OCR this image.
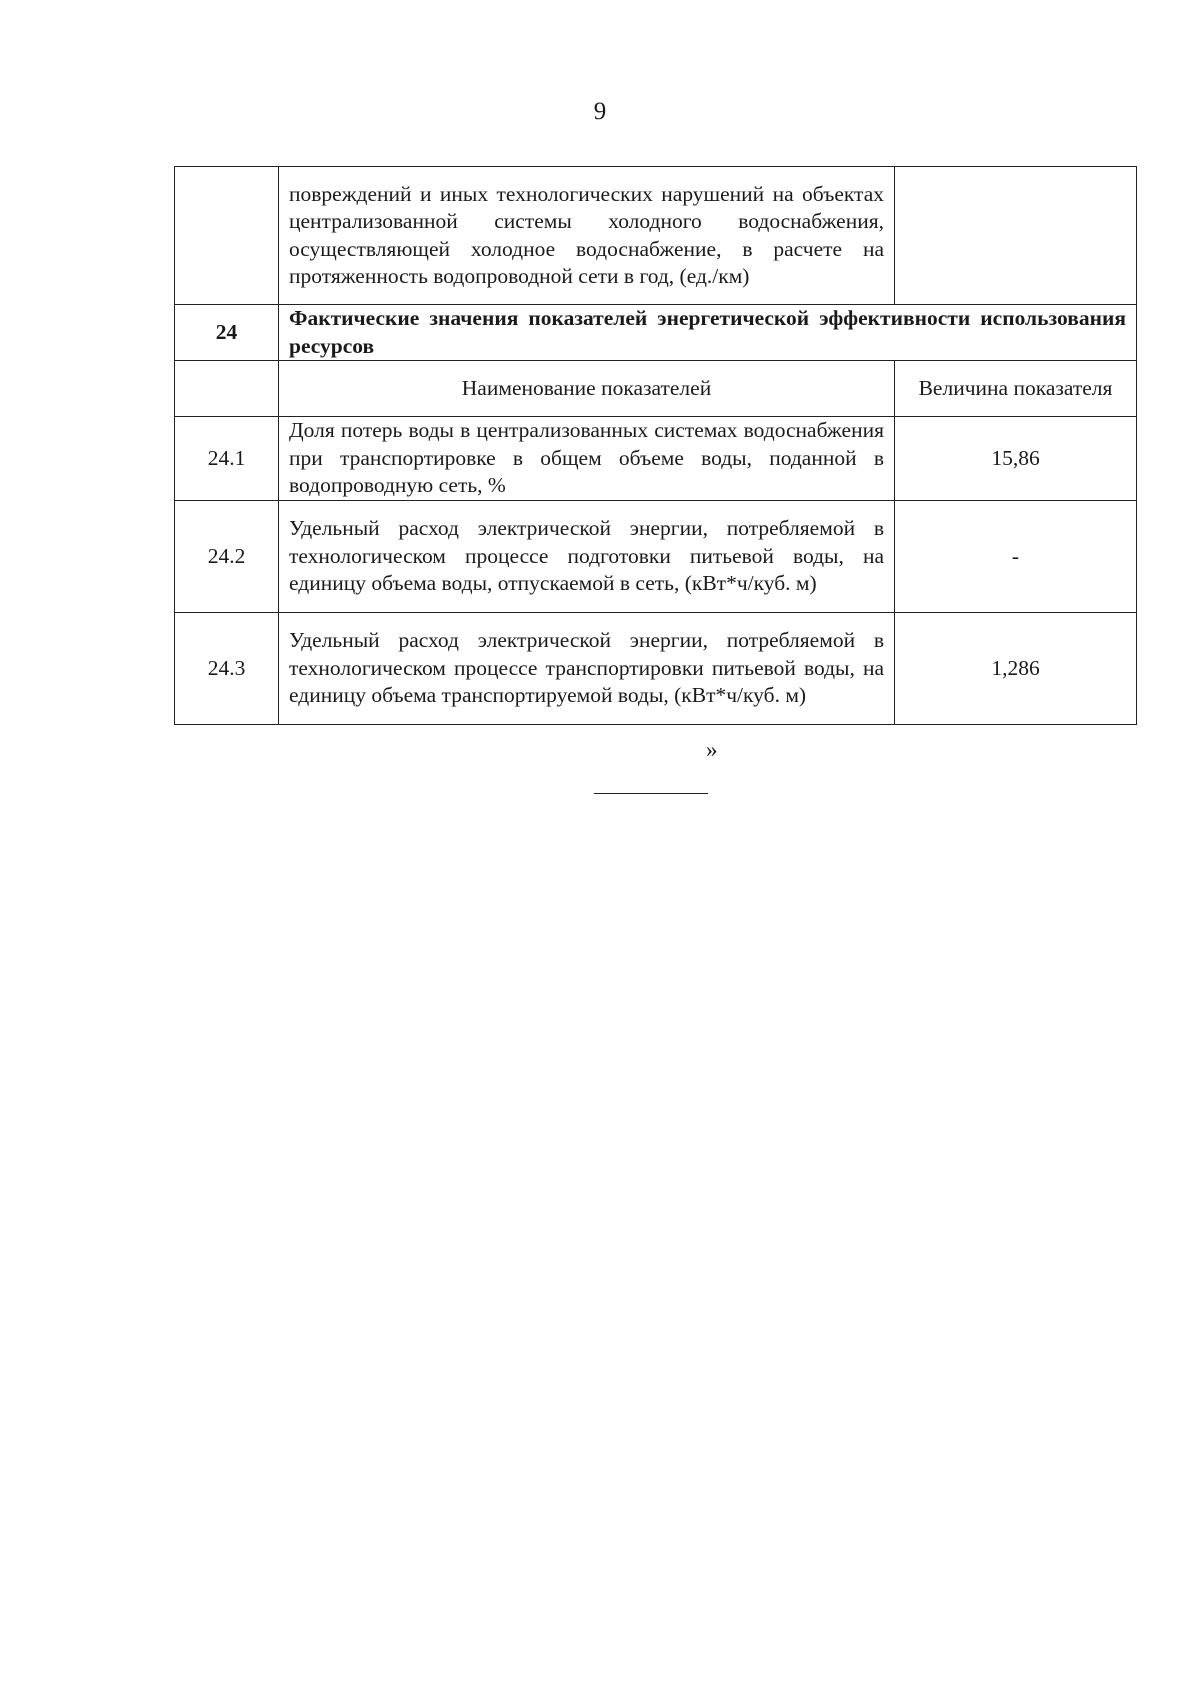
9
	повреждений и иных технологических нарушений на объектах централизованной системы холодного водоснабжения, осуществляющей холодное водоснабжение, в расчете на протяженность водопроводной сети в год, (ед./км)	
24	Фактические значения показателей энергетической эффективности использования ресурсов	
	Наименование показателей	Величина показателя
24.1	Доля потерь воды в централизованных системах водоснабжения при транспортировке в общем объеме воды, поданной в водопроводную сеть, %	15,86
24.2	Удельный расход электрической энергии, потребляемой в технологическом процессе подготовки питьевой воды, на единицу объема воды, отпускаемой в сеть, (кВт*ч/куб. м)	-
24.3	Удельный расход электрической энергии, потребляемой в технологическом процессе транспортировки питьевой воды, на единицу объема транспортируемой воды, (кВт*ч/куб. м)	1,286
»
